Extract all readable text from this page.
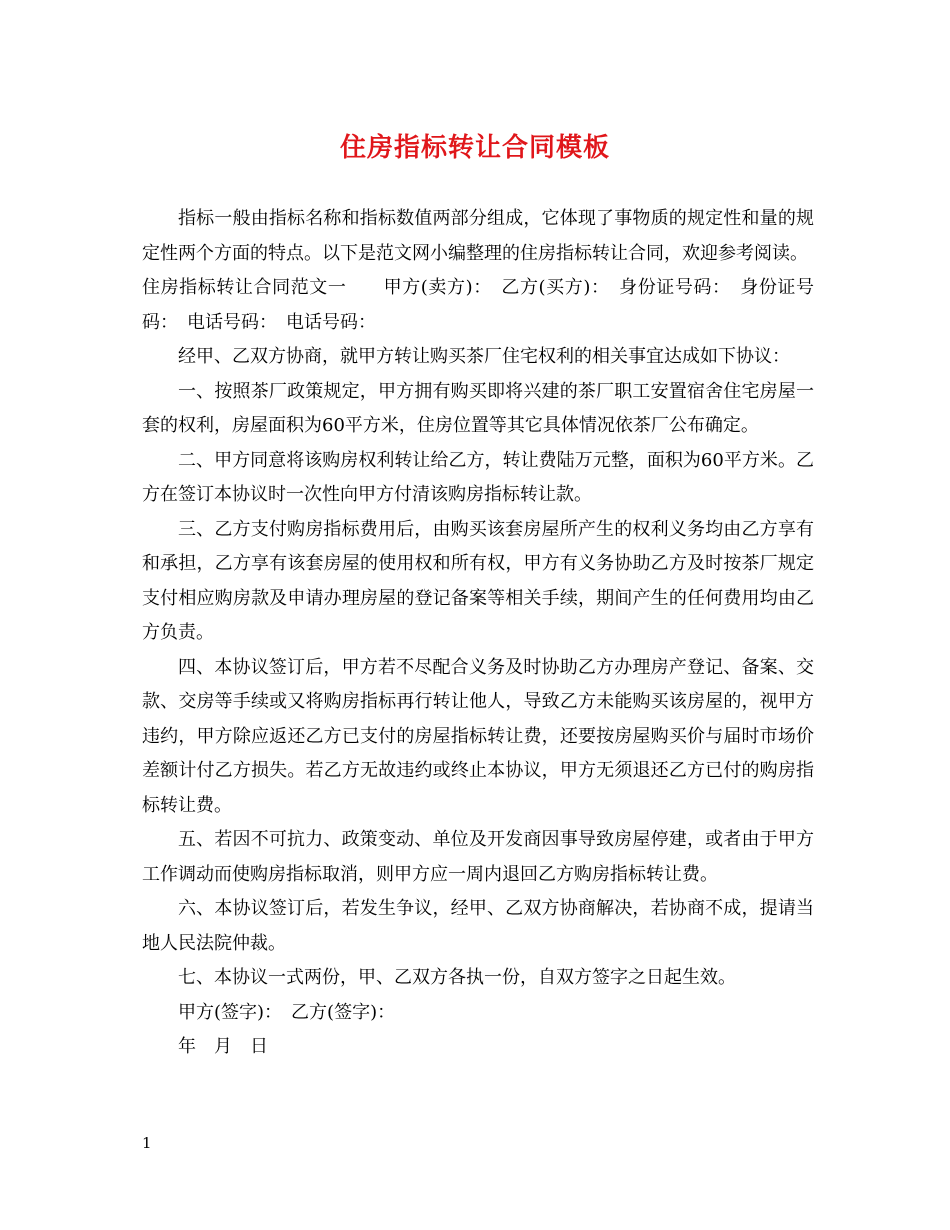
住房指标转让合同模板

指标一般由指标名称和指标数值两部分组成，它体现了事物质的规定性和量的规定性两个方面的特点。以下是范文网小编整理的住房指标转让合同，欢迎参考阅读。

住房指标转让合同范文一　　甲方(卖方)：　乙方(买方)：　身份证号码：　身份证号码：　电话号码：　电话号码：

经甲、乙双方协商，就甲方转让购买茶厂住宅权利的相关事宜达成如下协议：

一、按照茶厂政策规定，甲方拥有购买即将兴建的茶厂职工安置宿舍住宅房屋一套的权利，房屋面积为60平方米，住房位置等其它具体情况依茶厂公布确定。

二、甲方同意将该购房权利转让给乙方，转让费陆万元整，面积为60平方米。乙方在签订本协议时一次性向甲方付清该购房指标转让款。

三、乙方支付购房指标费用后，由购买该套房屋所产生的权利义务均由乙方享有和承担，乙方享有该套房屋的使用权和所有权，甲方有义务协助乙方及时按茶厂规定支付相应购房款及申请办理房屋的登记备案等相关手续，期间产生的任何费用均由乙方负责。

四、本协议签订后，甲方若不尽配合义务及时协助乙方办理房产登记、备案、交款、交房等手续或又将购房指标再行转让他人，导致乙方未能购买该房屋的，视甲方违约，甲方除应返还乙方已支付的房屋指标转让费，还要按房屋购买价与届时市场价差额计付乙方损失。若乙方无故违约或终止本协议，甲方无须退还乙方已付的购房指标转让费。

五、若因不可抗力、政策变动、单位及开发商因事导致房屋停建，或者由于甲方工作调动而使购房指标取消，则甲方应一周内退回乙方购房指标转让费。

六、本协议签订后，若发生争议，经甲、乙双方协商解决，若协商不成，提请当地人民法院仲裁。

七、本协议一式两份，甲、乙双方各执一份，自双方签字之日起生效。

甲方(签字)：　乙方(签字)：

年　月　日

1
